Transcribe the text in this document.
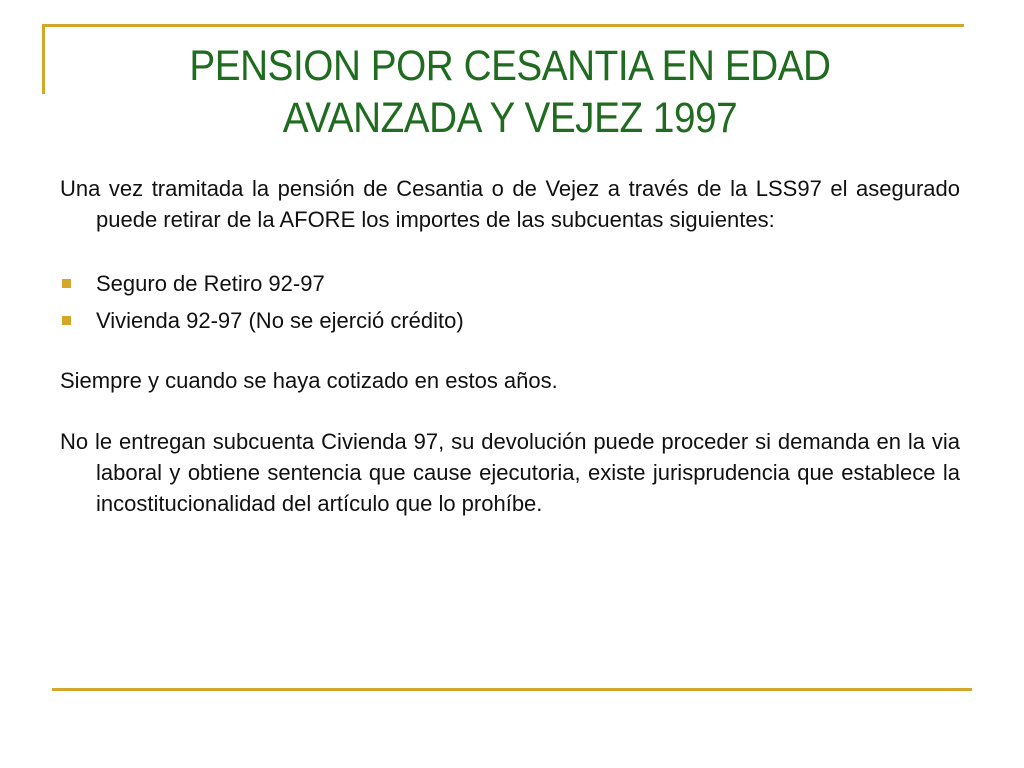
PENSION POR CESANTIA EN EDAD
AVANZADA Y VEJEZ 1997

Una vez tramitada la pensión de Cesantia o de Vejez a través de la LSS97 el asegurado puede retirar de la AFORE los importes de las subcuentas siguientes:

Seguro de Retiro 92-97
Vivienda 92-97 (No se ejerció crédito)

Siempre y cuando se haya cotizado en estos años.

No le entregan subcuenta Civienda 97, su devolución puede proceder si demanda en la via laboral y obtiene sentencia que cause ejecutoria, existe jurisprudencia que establece la incostitucionalidad del artículo que lo prohíbe.
